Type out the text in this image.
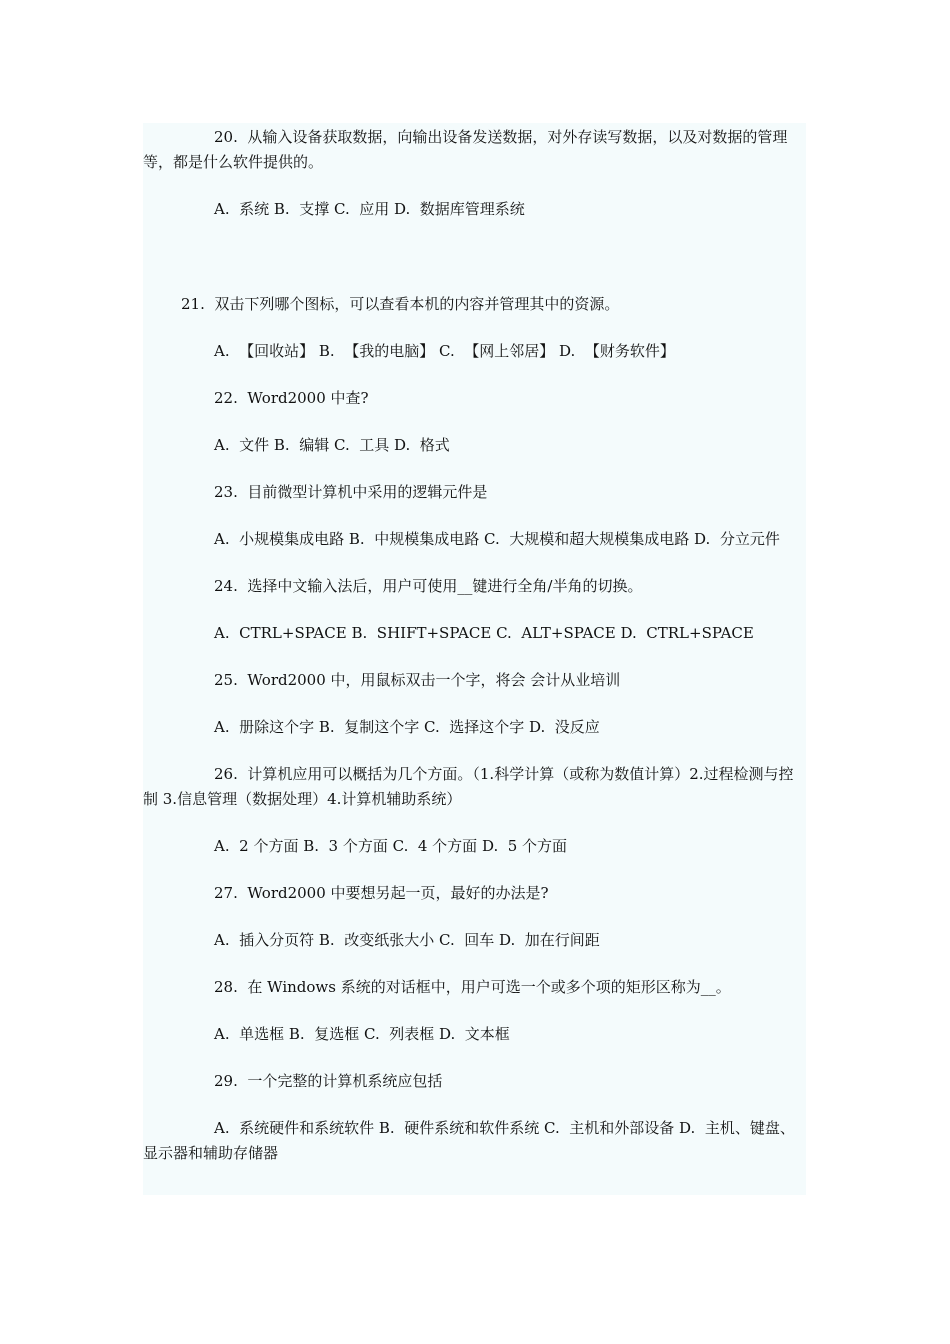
20.  从输入设备获取数据，向输出设备发送数据，对外存读写数据，以及对数据的管理等，都是什么软件提供的。

A.  系统 B.  支撑 C.  应用 D.  数据库管理系统

21.  双击下列哪个图标，可以查看本机的内容并管理其中的资源。

A.  【回收站】 B.  【我的电脑】 C.  【网上邻居】 D.  【财务软件】

22.  Word2000 中查?

A.  文件 B.  编辑 C.  工具 D.  格式

23.  目前微型计算机中采用的逻辑元件是

A.  小规模集成电路 B.  中规模集成电路 C.  大规模和超大规模集成电路 D.  分立元件

24.  选择中文输入法后，用户可使用__键进行全角/半角的切换。

A.  CTRL+SPACE B.  SHIFT+SPACE C.  ALT+SPACE D.  CTRL+SPACE

25.  Word2000 中，用鼠标双击一个字，将会 会计从业培训

A.  册除这个字 B.  复制这个字 C.  选择这个字 D.  没反应

26.  计算机应用可以概括为几个方面。（1.科学计算（或称为数值计算）2.过程检测与控制 3.信息管理（数据处理）4.计算机辅助系统）

A.  2 个方面 B.  3 个方面 C.  4 个方面 D.  5 个方面

27.  Word2000 中要想另起一页，最好的办法是?

A.  插入分页符 B.  改变纸张大小 C.  回车 D.  加在行间距

28.  在 Windows 系统的对话框中，用户可选一个或多个项的矩形区称为__。

A.  单选框 B.  复选框 C.  列表框 D.  文本框

29.  一个完整的计算机系统应包括

A.  系统硬件和系统软件 B.  硬件系统和软件系统 C.  主机和外部设备 D.  主机、键盘、显示器和辅助存储器
